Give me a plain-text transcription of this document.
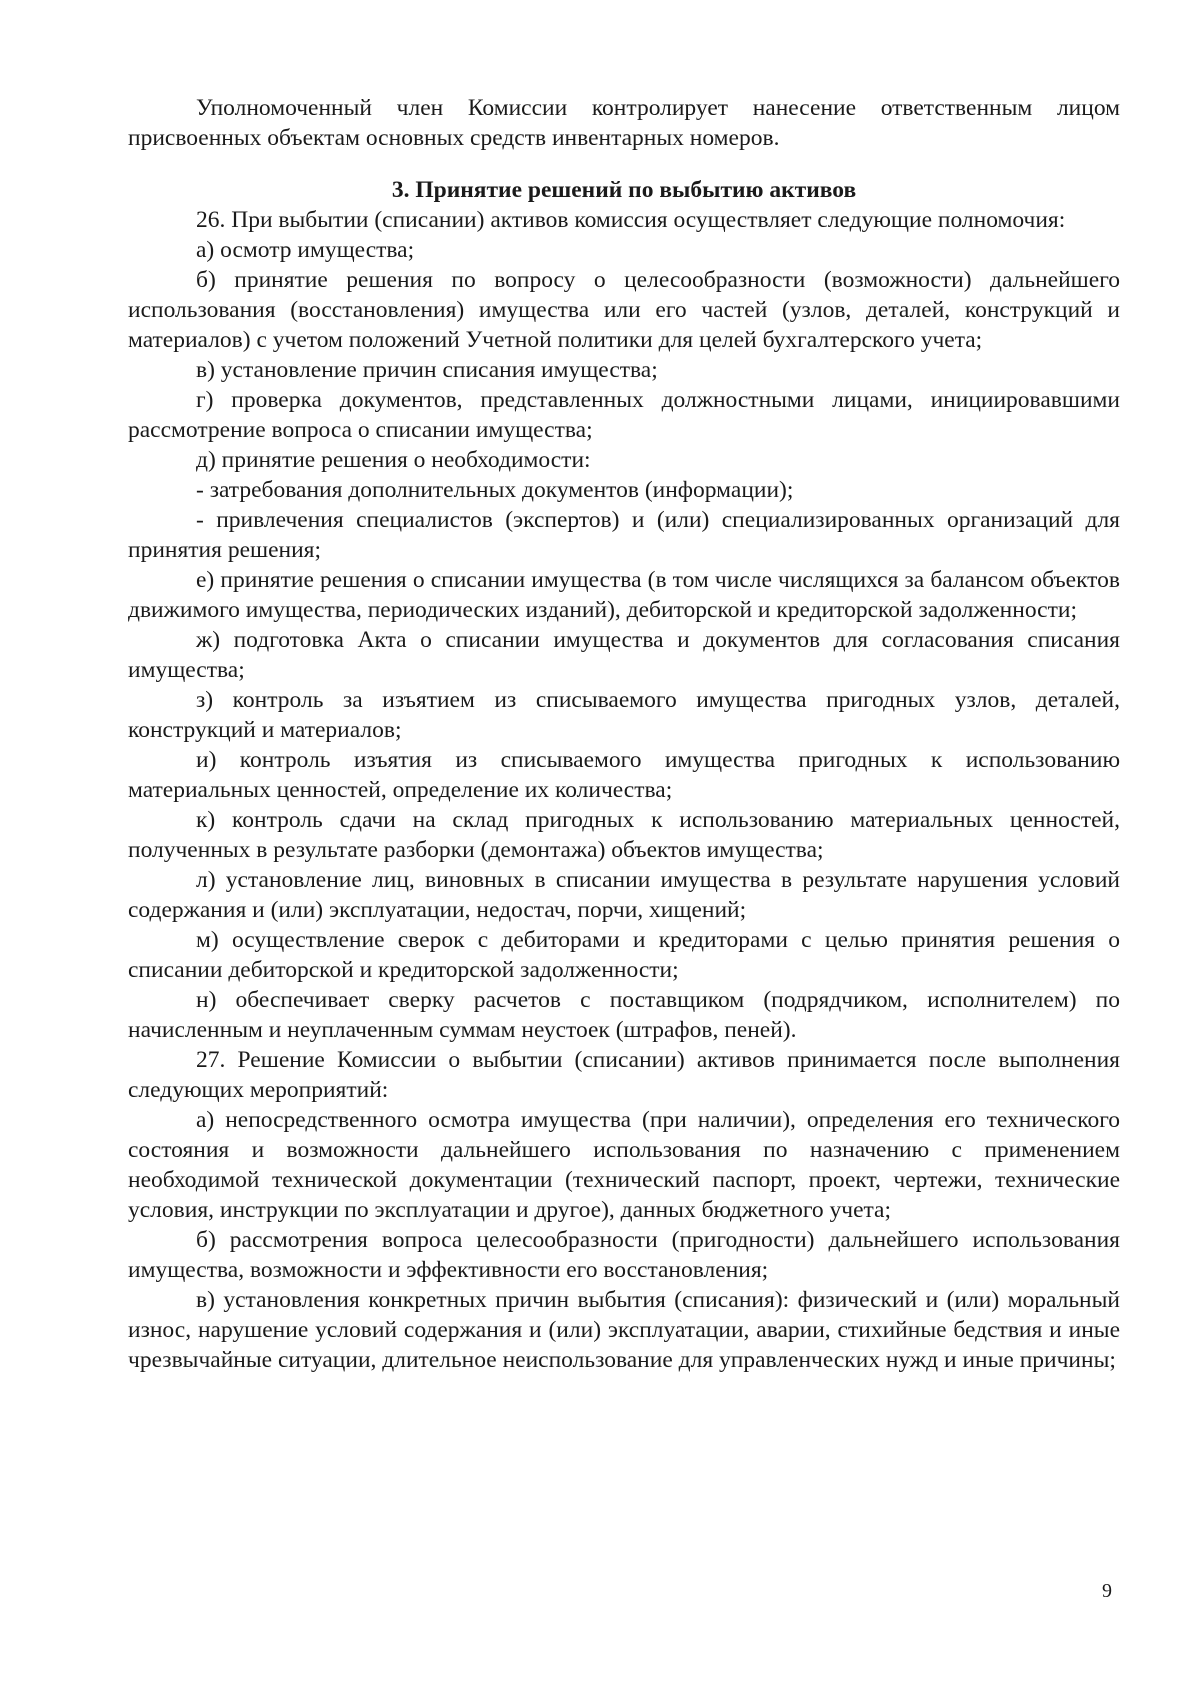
Уполномоченный член Комиссии контролирует нанесение ответственным лицом присвоенных объектам основных средств инвентарных номеров.

3. Принятие решений по выбытию активов

26. При выбытии (списании) активов комиссия осуществляет следующие полномочия:

а) осмотр имущества;

б) принятие решения по вопросу о целесообразности (возможности) дальнейшего использования (восстановления) имущества или его частей (узлов, деталей, конструкций и материалов) с учетом положений Учетной политики для целей бухгалтерского учета;

в) установление причин списания имущества;

г) проверка документов, представленных должностными лицами, инициировавшими рассмотрение вопроса о списании имущества;

д) принятие решения о необходимости:

- затребования дополнительных документов (информации);

- привлечения специалистов (экспертов) и (или) специализированных организаций для принятия решения;

е) принятие решения о списании имущества (в том числе числящихся за балансом объектов движимого имущества, периодических изданий), дебиторской и кредиторской задолженности;

ж) подготовка Акта о списании имущества и документов для согласования списания имущества;

з) контроль за изъятием из списываемого имущества пригодных узлов, деталей, конструкций и материалов;

и) контроль изъятия из списываемого имущества пригодных к использованию материальных ценностей, определение их количества;

к) контроль сдачи на склад пригодных к использованию материальных ценностей, полученных в результате разборки (демонтажа) объектов имущества;

л) установление лиц, виновных в списании имущества в результате нарушения условий содержания и (или) эксплуатации, недостач, порчи, хищений;

м) осуществление сверок с дебиторами и кредиторами с целью принятия решения о списании дебиторской и кредиторской задолженности;

н) обеспечивает сверку расчетов с поставщиком (подрядчиком, исполнителем) по начисленным и неуплаченным суммам неустоек (штрафов, пеней).

27. Решение Комиссии о выбытии (списании) активов принимается после выполнения следующих мероприятий:

а) непосредственного осмотра имущества (при наличии), определения его технического состояния и возможности дальнейшего использования по назначению с применением необходимой технической документации (технический паспорт, проект, чертежи, технические условия, инструкции по эксплуатации и другое), данных бюджетного учета;

б) рассмотрения вопроса целесообразности (пригодности) дальнейшего использования имущества, возможности и эффективности его восстановления;

в) установления конкретных причин выбытия (списания): физический и (или) моральный износ, нарушение условий содержания и (или) эксплуатации, аварии, стихийные бедствия и иные чрезвычайные ситуации, длительное неиспользование для управленческих нужд и иные причины;

9
